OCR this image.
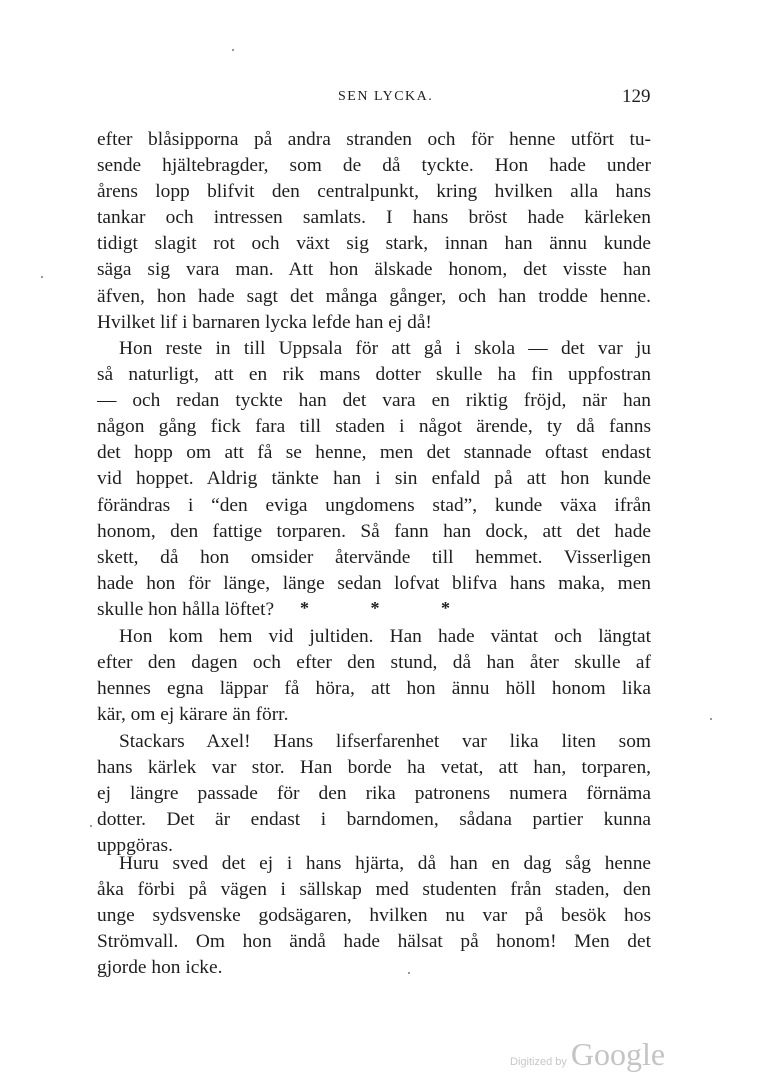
SEN LYCKA.	129
efter blåsipporna på andra stranden och för henne utfört tu-
sende hjältebragder, som de då tyckte. Hon hade under
årens lopp blifvit den centralpunkt, kring hvilken alla hans
tankar och intressen samlats. I hans bröst hade kärleken
tidigt slagit rot och växt sig stark, innan han ännu kunde
säga sig vara man. Att hon älskade honom, det visste han
äfven, hon hade sagt det många gånger, och han trodde henne.
Hvilket lif i barnaren lycka lefde han ej då!
Hon reste in till Uppsala för att gå i skola — det var ju
så naturligt, att en rik mans dotter skulle ha fin uppfostran
— och redan tyckte han det vara en riktig fröjd, när han
någon gång fick fara till staden i något ärende, ty då fanns
det hopp om att få se henne, men det stannade oftast endast
vid hoppet. Aldrig tänkte han i sin enfald på att hon kunde
förändras i “den eviga ungdomens stad”, kunde växa ifrån
honom, den fattige torparen. Så fann han dock, att det hade
skett, då hon omsider återvände till hemmet. Visserligen
hade hon för länge, länge sedan lofvat blifva hans maka, men
skulle hon hålla löftet?	*	*	*
Hon kom hem vid jultiden. Han hade väntat och längtat
efter den dagen och efter den stund, då han åter skulle af
hennes egna läppar få höra, att hon ännu höll honom lika
kär, om ej kärare än förr.
Stackars Axel! Hans lifserfarenhet var lika liten som
hans kärlek var stor. Han borde ha vetat, att han, torparen,
ej längre passade för den rika patronens numera förnäma
dotter. Det är endast i barndomen, sådana partier kunna
uppgöras.
Huru sved det ej i hans hjärta, då han en dag såg henne
åka förbi på vägen i sällskap med studenten från staden, den
unge sydsvenske godsägaren, hvilken nu var på besök hos
Strömvall. Om hon ändå hade hälsat på honom! Men det
gjorde hon icke.
Digitized by Google
